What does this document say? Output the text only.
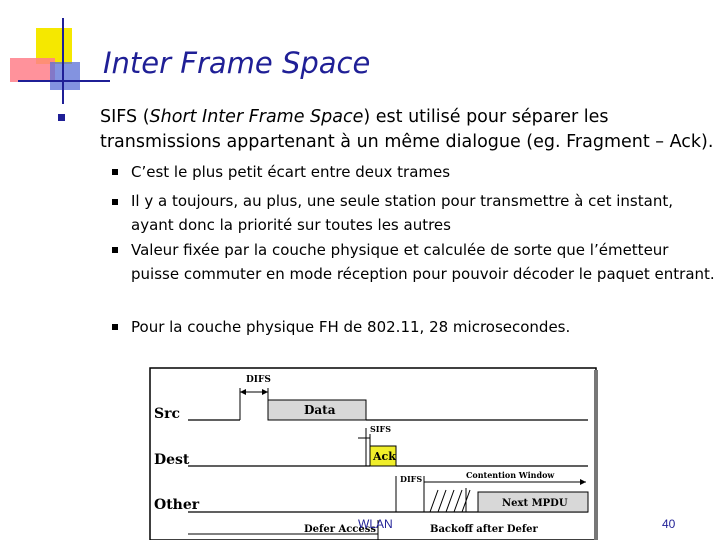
Inter Frame Space
SIFS (Short Inter Frame Space) est utilisé pour séparer les transmissions appartenant à un même dialogue (eg. Fragment – Ack).
C’est le plus petit écart entre deux trames
Il y a toujours, au plus, une seule station pour transmettre à cet instant, ayant donc la priorité sur toutes les autres
Valeur fixée par la couche physique et calculée de sorte que l’émetteur puisse commuter en mode réception pour pouvoir décoder le paquet entrant.
Pour la couche physique FH de 802.11, 28 microsecondes.
Src
Dest
Other
DIFS
Data
SIFS
Ack
DIFS	Contention Window
Next MPDU
Defer Access	Backoff after Defer
WLAN	40
